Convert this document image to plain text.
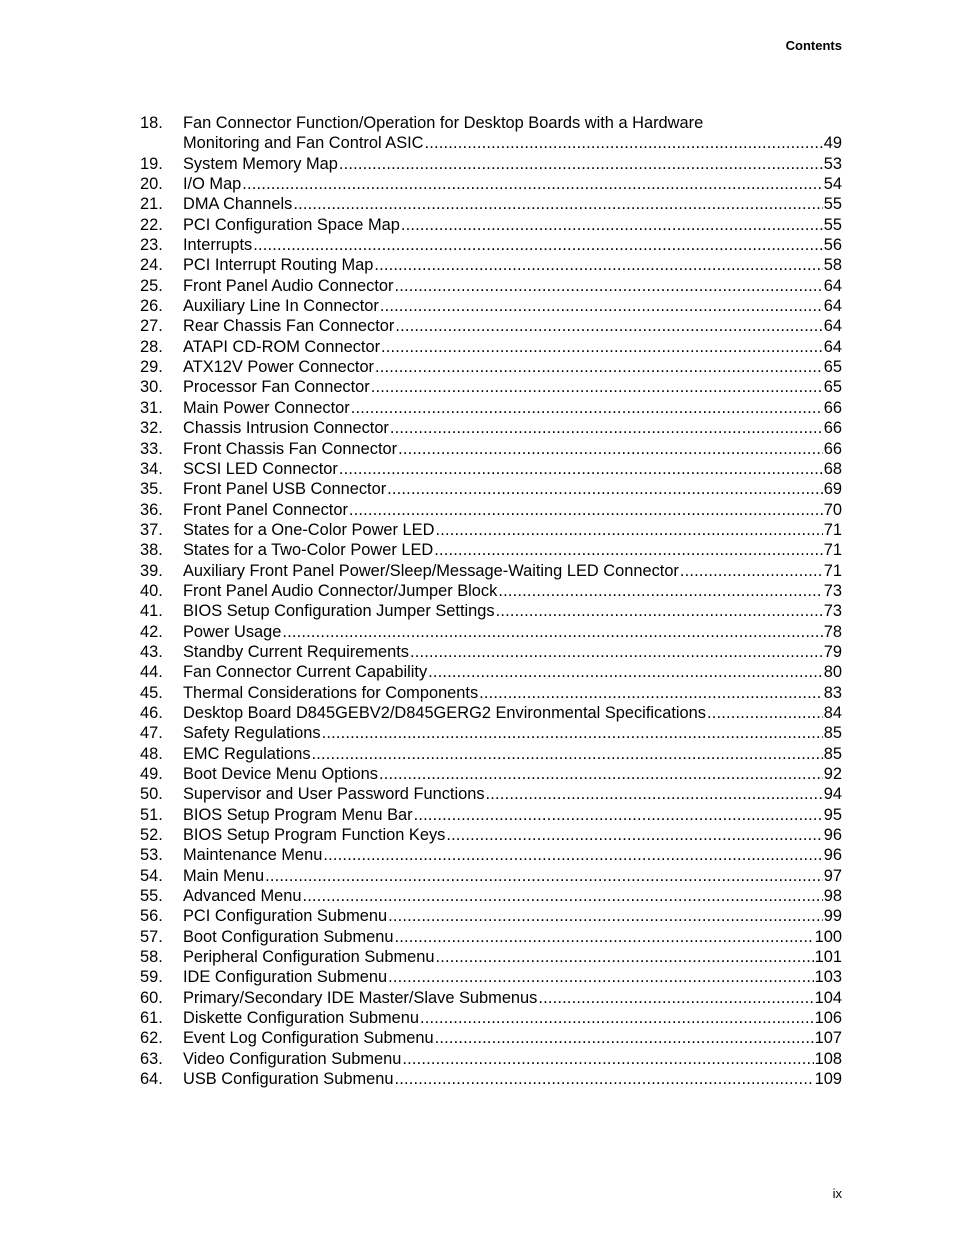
Contents
18.	Fan Connector Function/Operation for Desktop Boards with a Hardware
Monitoring and Fan Control ASIC .....	49
19. System Memory Map .....	53
20. I/O Map .....	54
21. DMA Channels .....	55
22. PCI Configuration Space Map .....	55
23. Interrupts .....	56
24. PCI Interrupt Routing Map .....	58
25. Front Panel Audio Connector .....	64
26. Auxiliary Line In Connector .....	64
27. Rear Chassis Fan Connector .....	64
28. ATAPI CD-ROM Connector .....	64
29. ATX12V Power Connector .....	65
30. Processor Fan Connector .....	65
31. Main Power Connector .....	66
32. Chassis Intrusion Connector .....	66
33. Front Chassis Fan Connector .....	66
34. SCSI LED Connector .....	68
35. Front Panel USB Connector .....	69
36. Front Panel Connector .....	70
37. States for a One-Color Power LED .....	71
38. States for a Two-Color Power LED .....	71
39. Auxiliary Front Panel Power/Sleep/Message-Waiting LED Connector .....	71
40. Front Panel Audio Connector/Jumper Block .....	73
41. BIOS Setup Configuration Jumper Settings .....	73
42. Power Usage .....	78
43. Standby Current Requirements .....	79
44. Fan Connector Current Capability .....	80
45. Thermal Considerations for Components .....	83
46. Desktop Board D845GEBV2/D845GERG2 Environmental Specifications .....	84
47. Safety Regulations .....	85
48. EMC Regulations .....	85
49. Boot Device Menu Options .....	92
50. Supervisor and User Password Functions .....	94
51. BIOS Setup Program Menu Bar .....	95
52. BIOS Setup Program Function Keys .....	96
53. Maintenance Menu .....	96
54. Main Menu .....	97
55. Advanced Menu .....	98
56. PCI Configuration Submenu .....	99
57. Boot Configuration Submenu .....	100
58. Peripheral Configuration Submenu .....	101
59. IDE Configuration Submenu .....	103
60. Primary/Secondary IDE Master/Slave Submenus .....	104
61. Diskette Configuration Submenu .....	106
62. Event Log Configuration Submenu .....	107
63. Video Configuration Submenu .....	108
64. USB Configuration Submenu .....	109
ix
